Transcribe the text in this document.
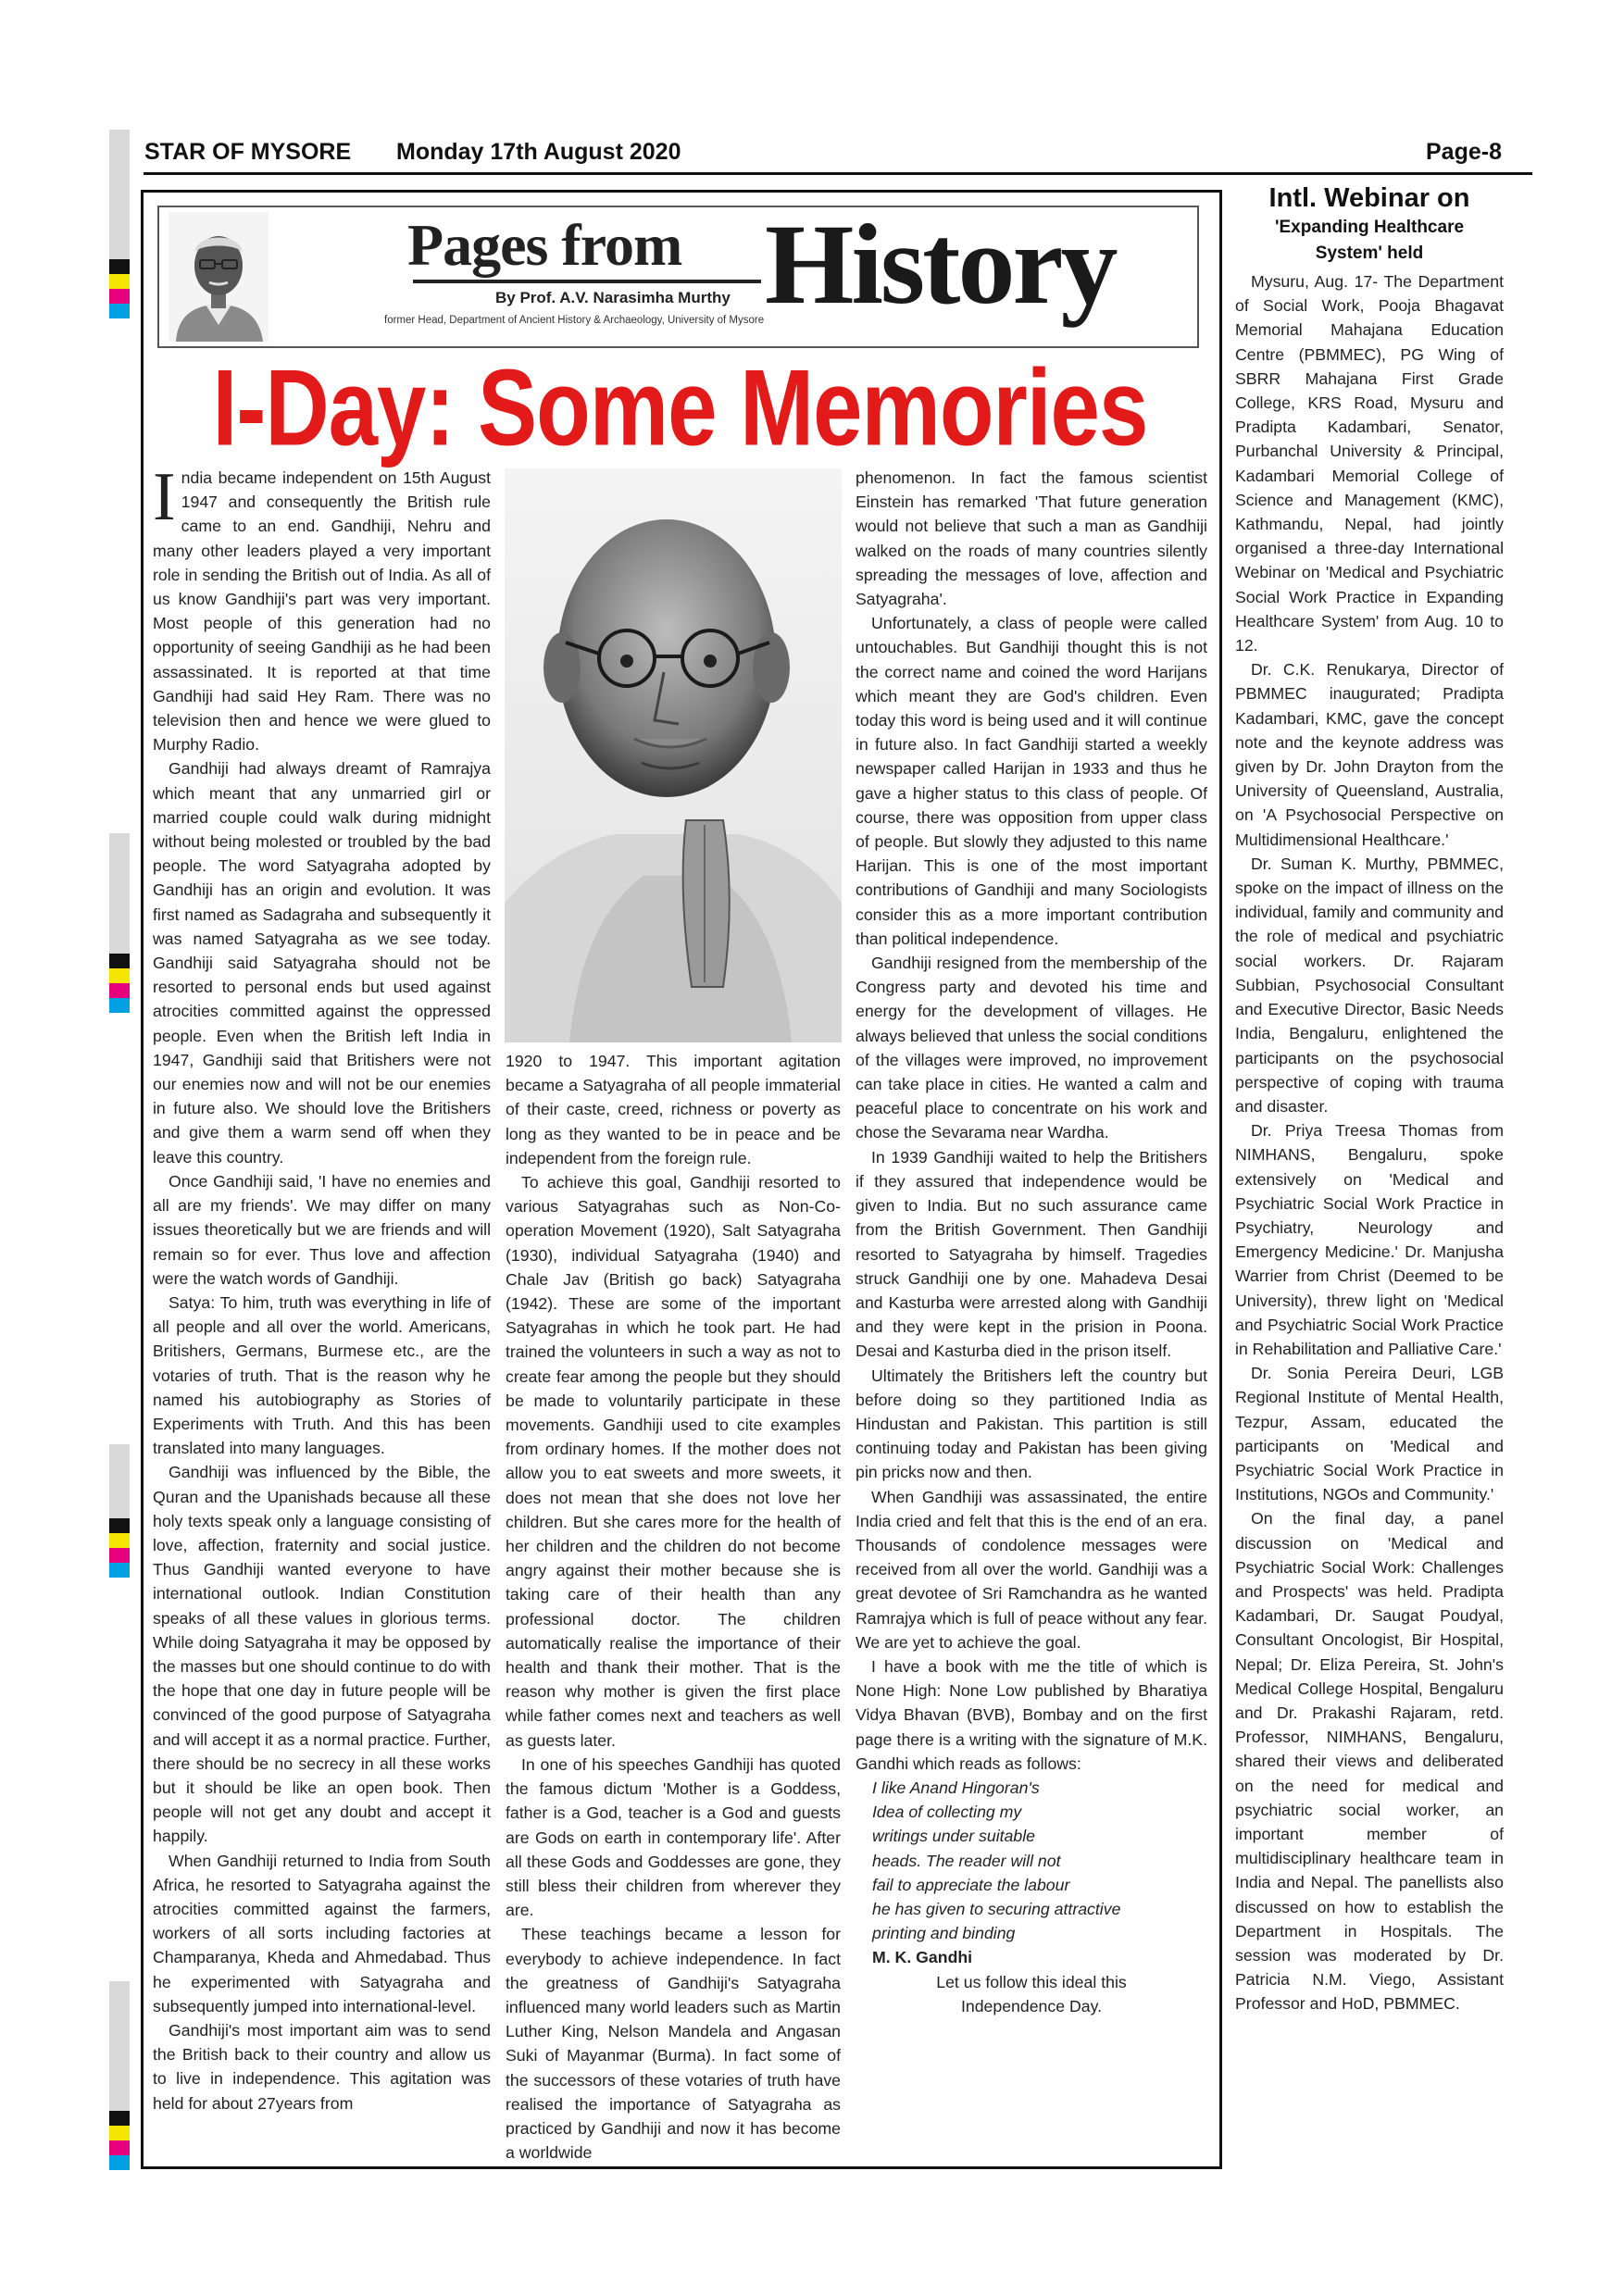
STAR OF MYSORE Monday 17th August 2020	Page-8
Pages from History
By Prof. A.V. Narasimha Murthy
former Head, Department of Ancient History & Archaeology, University of Mysore
I-Day: Some Memories

India became independent on 15th August 1947 and consequently the British rule came to an end. Gandhiji, Nehru and many other leaders played a very important role in sending the British out of India. As all of us know Gandhiji's part was very important. Most people of this generation had no opportunity of seeing Gandhiji as he had been assassinated. It is reported at that time Gandhiji had said Hey Ram. There was no television then and hence we were glued to Murphy Radio.

Gandhiji had always dreamt of Ramrajya which meant that any unmarried girl or married couple could walk during midnight without being molested or troubled by the bad people. The word Satyagraha adopted by Gandhiji has an origin and evolution. It was first named as Sadagraha and subsequently it was named Satyagraha as we see today. Gandhiji said Satyagraha should not be resorted to personal ends but used against atrocities committed against the oppressed people. Even when the British left India in 1947, Gandhiji said that Britishers were not our enemies now and will not be our enemies in future also. We should love the Britishers and give them a warm send off when they leave this country.

Once Gandhiji said, 'I have no enemies and all are my friends'. We may differ on many issues theoretically but we are friends and will remain so for ever. Thus love and affection were the watch words of Gandhiji.

Satya: To him, truth was everything in life of all people and all over the world. Americans, Britishers, Germans, Burmese etc., are the votaries of truth. That is the reason why he named his autobiography as Stories of Experiments with Truth. And this has been translated into many languages.

Gandhiji was influenced by the Bible, the Quran and the Upanishads because all these holy texts speak only a language consisting of love, affection, fraternity and social justice. Thus Gandhiji wanted everyone to have international outlook. Indian Constitution speaks of all these values in glorious terms. While doing Satyagraha it may be opposed by the masses but one should continue to do with the hope that one day in future people will be convinced of the good purpose of Satyagraha and will accept it as a normal practice. Further, there should be no secrecy in all these works but it should be like an open book. Then people will not get any doubt and accept it happily.

When Gandhiji returned to India from South Africa, he resorted to Satyagraha against the atrocities committed against the farmers, workers of all sorts including factories at Champaranya, Kheda and Ahmedabad. Thus he experimented with Satyagraha and subsequently jumped into international-level.

Gandhiji's most important aim was to send the British back to their country and allow us to live in independence. This agitation was held for about 27years from

1920 to 1947. This important agitation became a Satyagraha of all people immaterial of their caste, creed, richness or poverty as long as they wanted to be in peace and be independent from the foreign rule.

To achieve this goal, Gandhiji resorted to various Satyagrahas such as Non-Co-operation Movement (1920), Salt Satyagraha (1930), individual Satyagraha (1940) and Chale Jav (British go back) Satyagraha (1942). These are some of the important Satyagrahas in which he took part. He had trained the volunteers in such a way as not to create fear among the people but they should be made to voluntarily participate in these movements. Gandhiji used to cite examples from ordinary homes. If the mother does not allow you to eat sweets and more sweets, it does not mean that she does not love her children. But she cares more for the health of her children and the children do not become angry against their mother because she is taking care of their health than any professional doctor. The children automatically realise the importance of their health and thank their mother. That is the reason why mother is given the first place while father comes next and teachers as well as guests later.

In one of his speeches Gandhiji has quoted the famous dictum 'Mother is a Goddess, father is a God, teacher is a God and guests are Gods on earth in contemporary life'. After all these Gods and Goddesses are gone, they still bless their children from wherever they are.

These teachings became a lesson for everybody to achieve independence. In fact the greatness of Gandhiji's Satyagraha influenced many world leaders such as Martin Luther King, Nelson Mandela and Angasan Suki of Mayanmar (Burma). In fact some of the successors of these votaries of truth have realised the importance of Satyagraha as practiced by Gandhiji and now it has become a worldwide

phenomenon. In fact the famous scientist Einstein has remarked 'That future generation would not believe that such a man as Gandhiji walked on the roads of many countries silently spreading the messages of love, affection and Satyagraha'.

Unfortunately, a class of people were called untouchables. But Gandhiji thought this is not the correct name and coined the word Harijans which meant they are God's children. Even today this word is being used and it will continue in future also. In fact Gandhiji started a weekly newspaper called Harijan in 1933 and thus he gave a higher status to this class of people. Of course, there was opposition from upper class of people. But slowly they adjusted to this name Harijan. This is one of the most important contributions of Gandhiji and many Sociologists consider this as a more important contribution than political independence.

Gandhiji resigned from the membership of the Congress party and devoted his time and energy for the development of villages. He always believed that unless the social conditions of the villages were improved, no improvement can take place in cities. He wanted a calm and peaceful place to concentrate on his work and chose the Sevarama near Wardha.

In 1939 Gandhiji waited to help the Britishers if they assured that independence would be given to India. But no such assurance came from the British Government. Then Gandhiji resorted to Satyagraha by himself. Tragedies struck Gandhiji one by one. Mahadeva Desai and Kasturba were arrested along with Gandhiji and they were kept in the prision in Poona. Desai and Kasturba died in the prison itself.

Ultimately the Britishers left the country but before doing so they partitioned India as Hindustan and Pakistan. This partition is still continuing today and Pakistan has been giving pin pricks now and then.

When Gandhiji was assassinated, the entire India cried and felt that this is the end of an era. Thousands of condolence messages were received from all over the world. Gandhiji was a great devotee of Sri Ramchandra as he wanted Ramrajya which is full of peace without any fear. We are yet to achieve the goal.

I have a book with me the title of which is None High: None Low published by Bharatiya Vidya Bhavan (BVB), Bombay and on the first page there is a writing with the signature of M.K. Gandhi which reads as follows:

I like Anand Hingoran's

Idea of collecting my

writings under suitable

heads. The reader will not

fail to appreciate the labour

he has given to securing attractive

printing and binding

M. K. Gandhi

Let us follow this ideal this

Independence Day.

Intl. Webinar on
'Expanding Healthcare
System' held

Mysuru, Aug. 17- The Department of Social Work, Pooja Bhagavat Memorial Mahajana Education Centre (PBMMEC), PG Wing of SBRR Mahajana First Grade College, KRS Road, Mysuru and Pradipta Kadambari, Senator, Purbanchal University & Principal, Kadambari Memorial College of Science and Management (KMC), Kathmandu, Nepal, had jointly organised a three-day International Webinar on 'Medical and Psychiatric Social Work Practice in Expanding Healthcare System' from Aug. 10 to 12.

Dr. C.K. Renukarya, Director of PBMMEC inaugurated; Pradipta Kadambari, KMC, gave the concept note and the keynote address was given by Dr. John Drayton from the University of Queensland, Australia, on 'A Psychosocial Perspective on Multidimensional Healthcare.'

Dr. Suman K. Murthy, PBMMEC, spoke on the impact of illness on the individual, family and community and the role of medical and psychiatric social workers. Dr. Rajaram Subbian, Psychosocial Consultant and Executive Director, Basic Needs India, Bengaluru, enlightened the participants on the psychosocial perspective of coping with trauma and disaster.

Dr. Priya Treesa Thomas from NIMHANS, Bengaluru, spoke extensively on 'Medical and Psychiatric Social Work Practice in Psychiatry, Neurology and Emergency Medicine.' Dr. Manjusha Warrier from Christ (Deemed to be University), threw light on 'Medical and Psychiatric Social Work Practice in Rehabilitation and Palliative Care.'

Dr. Sonia Pereira Deuri, LGB Regional Institute of Mental Health, Tezpur, Assam, educated the participants on 'Medical and Psychiatric Social Work Practice in Institutions, NGOs and Community.'

On the final day, a panel discussion on 'Medical and Psychiatric Social Work: Challenges and Prospects' was held. Pradipta Kadambari, Dr. Saugat Poudyal, Consultant Oncologist, Bir Hospital, Nepal; Dr. Eliza Pereira, St. John's Medical College Hospital, Bengaluru and Dr. Prakashi Rajaram, retd. Professor, NIMHANS, Bengaluru, shared their views and deliberated on the need for medical and psychiatric social worker, an important member of multidisciplinary healthcare team in India and Nepal. The panellists also discussed on how to establish the Department in Hospitals. The session was moderated by Dr. Patricia N.M. Viego, Assistant Professor and HoD, PBMMEC.
